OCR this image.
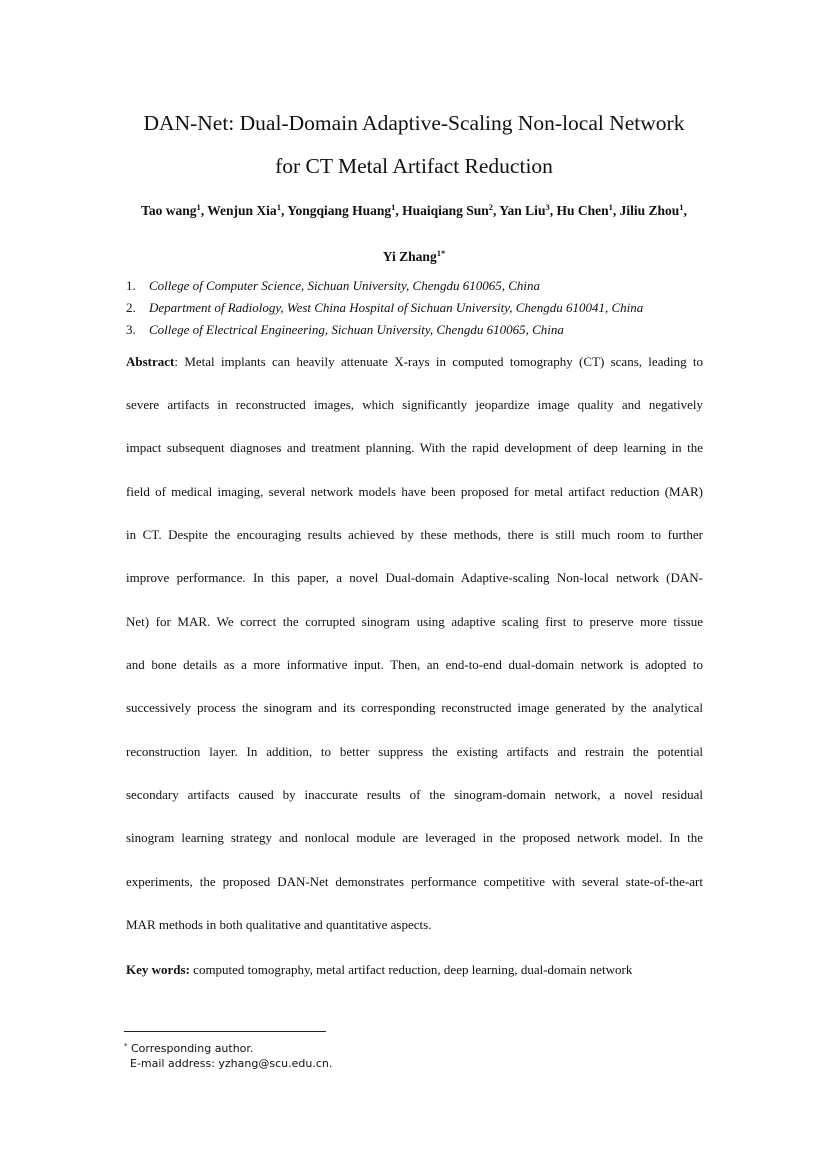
DAN-Net: Dual-Domain Adaptive-Scaling Non-local Network
for CT Metal Artifact Reduction
Tao wang$^1$, Wenjun Xia$^1$, Yongqiang Huang$^1$, Huaiqiang Sun$^2$, Yan Liu$^3$, Hu Chen$^1$, Jiliu Zhou$^1$,
Yi Zhang$^{1*}$
1. College of Computer Science, Sichuan University, Chengdu 610065, China
2. Department of Radiology, West China Hospital of Sichuan University, Chengdu 610041, China
3. College of Electrical Engineering, Sichuan University, Chengdu 610065, China
Abstract: Metal implants can heavily attenuate X-rays in computed tomography (CT) scans, leading to
severe artifacts in reconstructed images, which significantly jeopardize image quality and negatively
impact subsequent diagnoses and treatment planning. With the rapid development of deep learning in the
field of medical imaging, several network models have been proposed for metal artifact reduction (MAR)
in CT. Despite the encouraging results achieved by these methods, there is still much room to further
improve performance. In this paper, a novel Dual-domain Adaptive-scaling Non-local network (DAN-
Net) for MAR. We correct the corrupted sinogram using adaptive scaling first to preserve more tissue
and bone details as a more informative input. Then, an end-to-end dual-domain network is adopted to
successively process the sinogram and its corresponding reconstructed image generated by the analytical
reconstruction layer. In addition, to better suppress the existing artifacts and restrain the potential
secondary artifacts caused by inaccurate results of the sinogram-domain network, a novel residual
sinogram learning strategy and nonlocal module are leveraged in the proposed network model. In the
experiments, the proposed DAN-Net demonstrates performance competitive with several state-of-the-art
MAR methods in both qualitative and quantitative aspects.
Key words: computed tomography, metal artifact reduction, deep learning, dual-domain network
* Corresponding author.
E-mail address: yzhang@scu.edu.cn.
